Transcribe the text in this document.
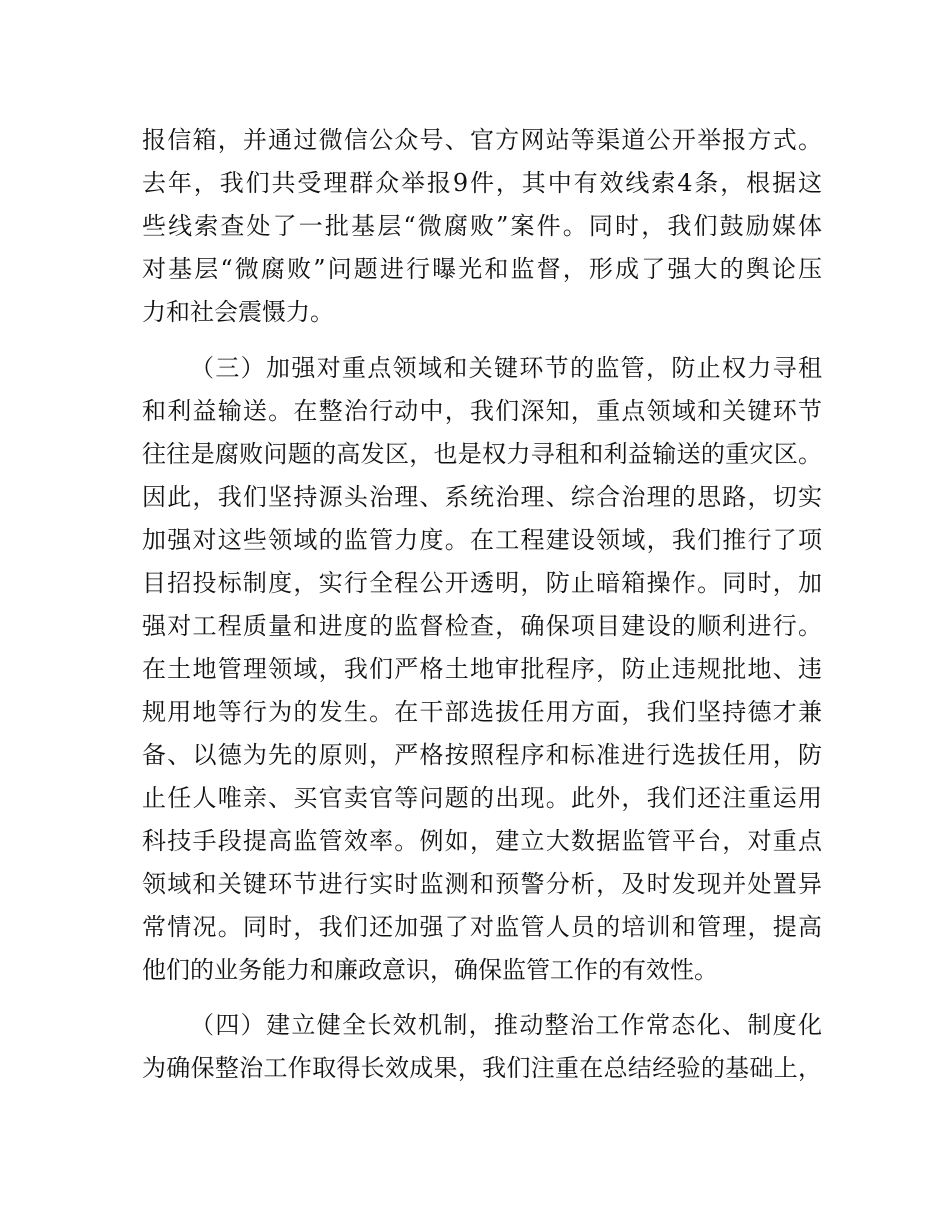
报信箱，并通过微信公众号、官方网站等渠道公开举报方式。
去年，我们共受理群众举报9件，其中有效线索4条，根据这
些线索查处了一批基层“微腐败”案件。同时，我们鼓励媒体
对基层“微腐败”问题进行曝光和监督，形成了强大的舆论压
力和社会震慑力。
（三）加强对重点领域和关键环节的监管，防止权力寻租
和利益输送。在整治行动中，我们深知，重点领域和关键环节
往往是腐败问题的高发区，也是权力寻租和利益输送的重灾区。
因此，我们坚持源头治理、系统治理、综合治理的思路，切实
加强对这些领域的监管力度。在工程建设领域，我们推行了项
目招投标制度，实行全程公开透明，防止暗箱操作。同时，加
强对工程质量和进度的监督检查，确保项目建设的顺利进行。
在土地管理领域，我们严格土地审批程序，防止违规批地、违
规用地等行为的发生。在干部选拔任用方面，我们坚持德才兼
备、以德为先的原则，严格按照程序和标准进行选拔任用，防
止任人唯亲、买官卖官等问题的出现。此外，我们还注重运用
科技手段提高监管效率。例如，建立大数据监管平台，对重点
领域和关键环节进行实时监测和预警分析，及时发现并处置异
常情况。同时，我们还加强了对监管人员的培训和管理，提高
他们的业务能力和廉政意识，确保监管工作的有效性。
（四）建立健全长效机制，推动整治工作常态化、制度化
为确保整治工作取得长效成果，我们注重在总结经验的基础上，
